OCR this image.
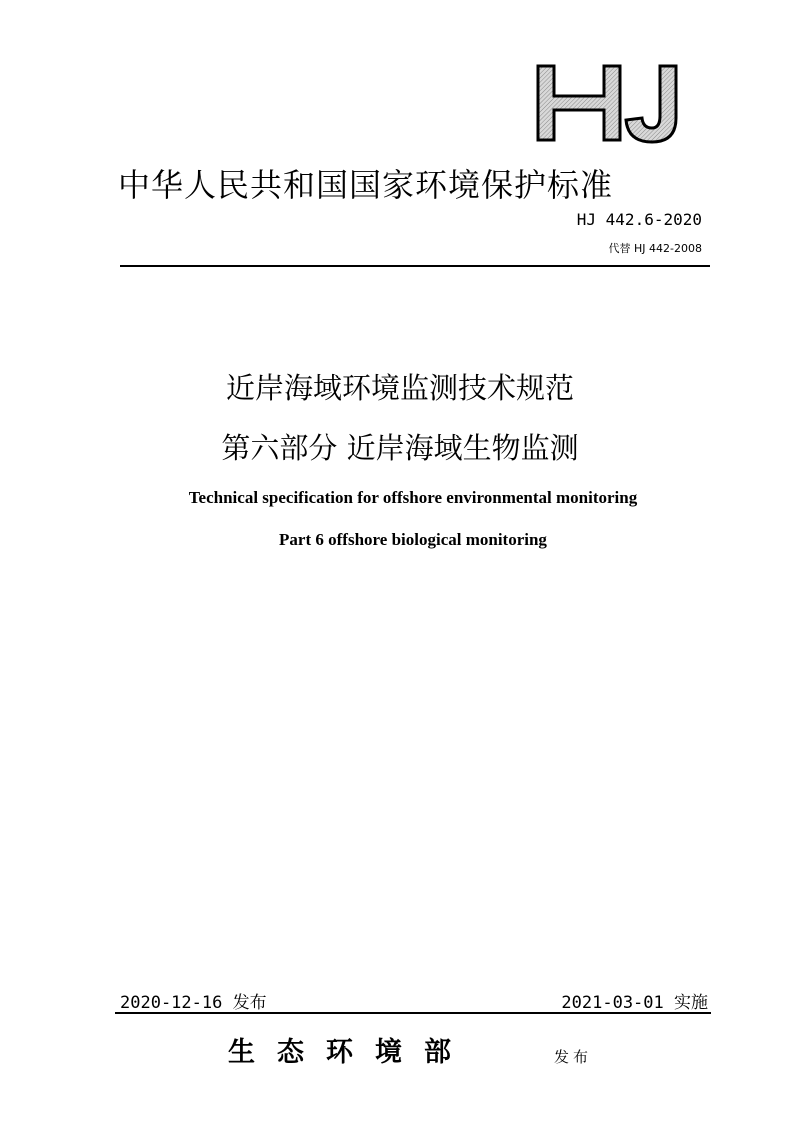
中华人民共和国国家环境保护标准
HJ 442.6-2020
代替 HJ 442-2008
近岸海域环境监测技术规范
第六部分 近岸海域生物监测
Technical specification for offshore environmental monitoring
Part 6 offshore biological monitoring
2020-12-16 发布	2021-03-01 实施
生态环境部	发布
